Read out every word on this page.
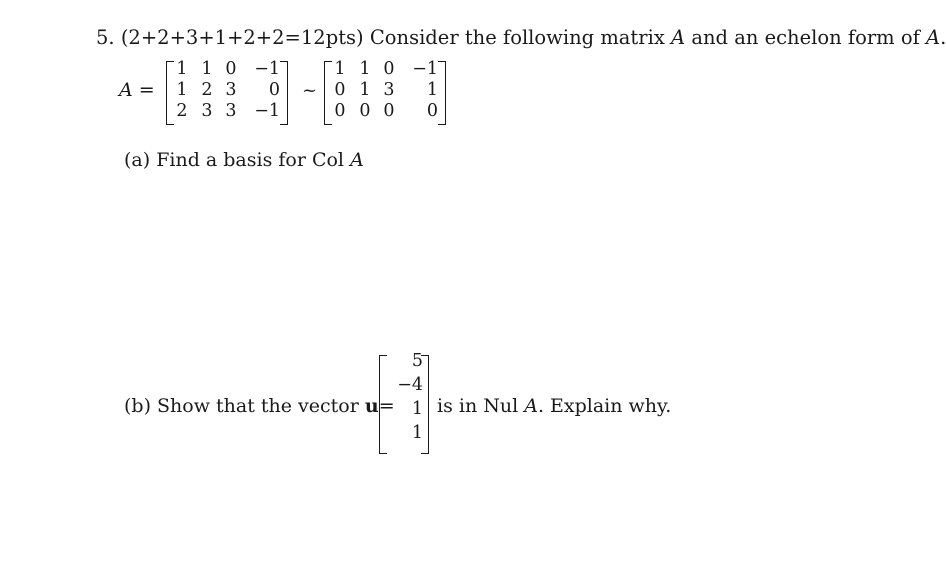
5. (2+2+3+1+2+2=12pts) Consider the following matrix A and an echelon form of A.
A =
1 1 0	−1
1 2 3	0
2 3 3	−1
~
1 1 0	−1
0 1 3	1
0 0 0	0
(a) Find a basis for Col A
(b) Show that the vector u=
5
−4
1
1
is in Nul A. Explain why.
